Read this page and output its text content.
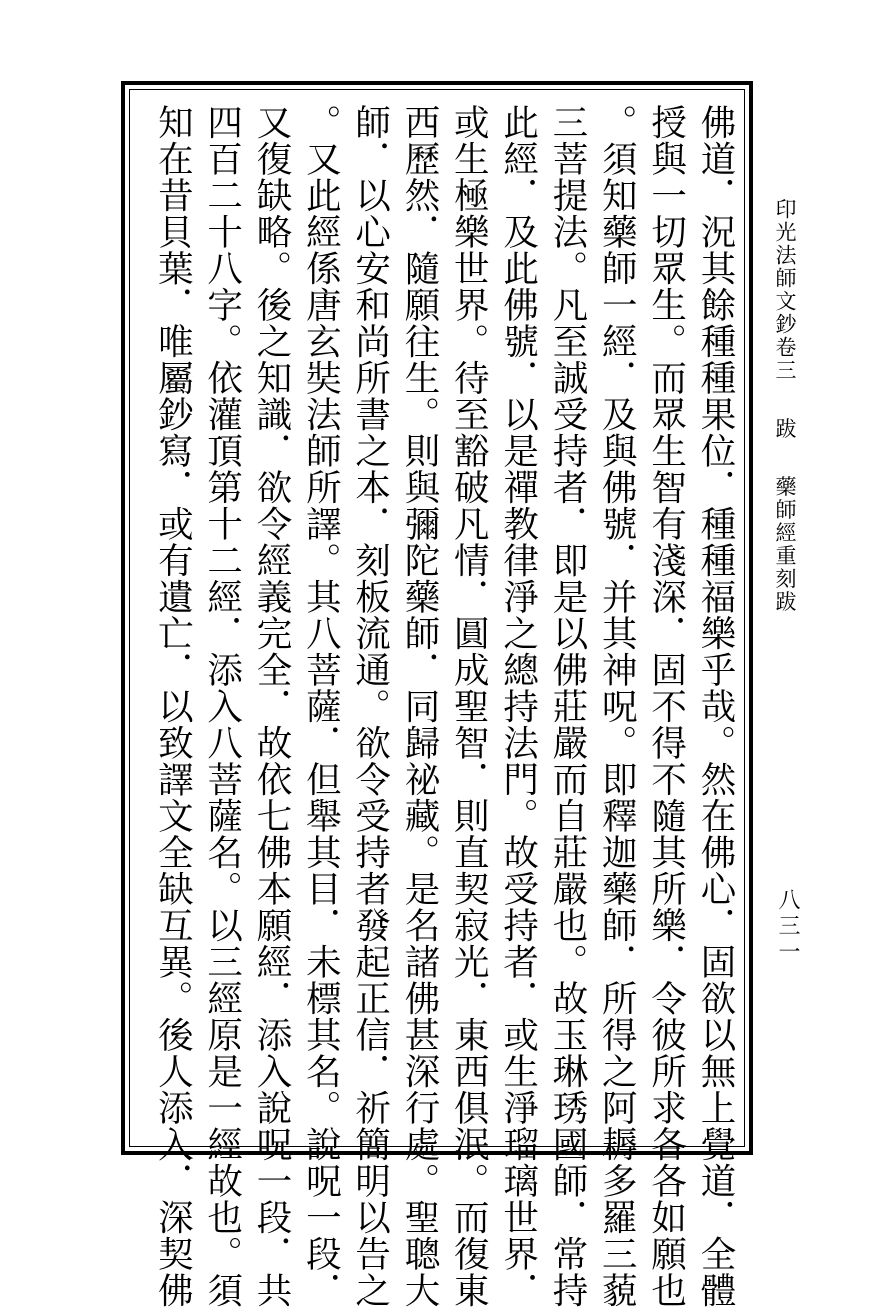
印光法師文鈔卷三  跋  藥師經重刻跋
八三一
佛道．況其餘種種果位．種種福樂乎哉。然在佛心．固欲以無上覺道．全體
授與一切眾生。而眾生智有淺深．固不得不隨其所樂．令彼所求各各如願也
。須知藥師一經．及與佛號．并其神呪。即釋迦藥師．所得之阿耨多羅三藐
三菩提法。凡至誠受持者．即是以佛莊嚴而自莊嚴也。故玉琳琇國師．常持
此經．及此佛號．以是禪教律淨之總持法門。故受持者．或生淨瑠璃世界．
或生極樂世界。待至豁破凡情．圓成聖智．則直契寂光．東西俱泯。而復東
西歷然．隨願往生。則與彌陀藥師．同歸祕藏。是名諸佛甚深行處。聖聰大
師．以心安和尚所書之本．刻板流通。欲令受持者發起正信．祈簡明以告之
。又此經係唐玄奘法師所譯。其八菩薩．但舉其目．未標其名。說呪一段．
又復缺略。後之知識．欲令經義完全．故依七佛本願經．添入說呪一段．共
四百二十八字。依灌頂第十二經．添入八菩薩名。以三經原是一經故也。須
知在昔貝葉．唯屬鈔寫．或有遺亡．以致譯文全缺互異。後人添入．深契佛
